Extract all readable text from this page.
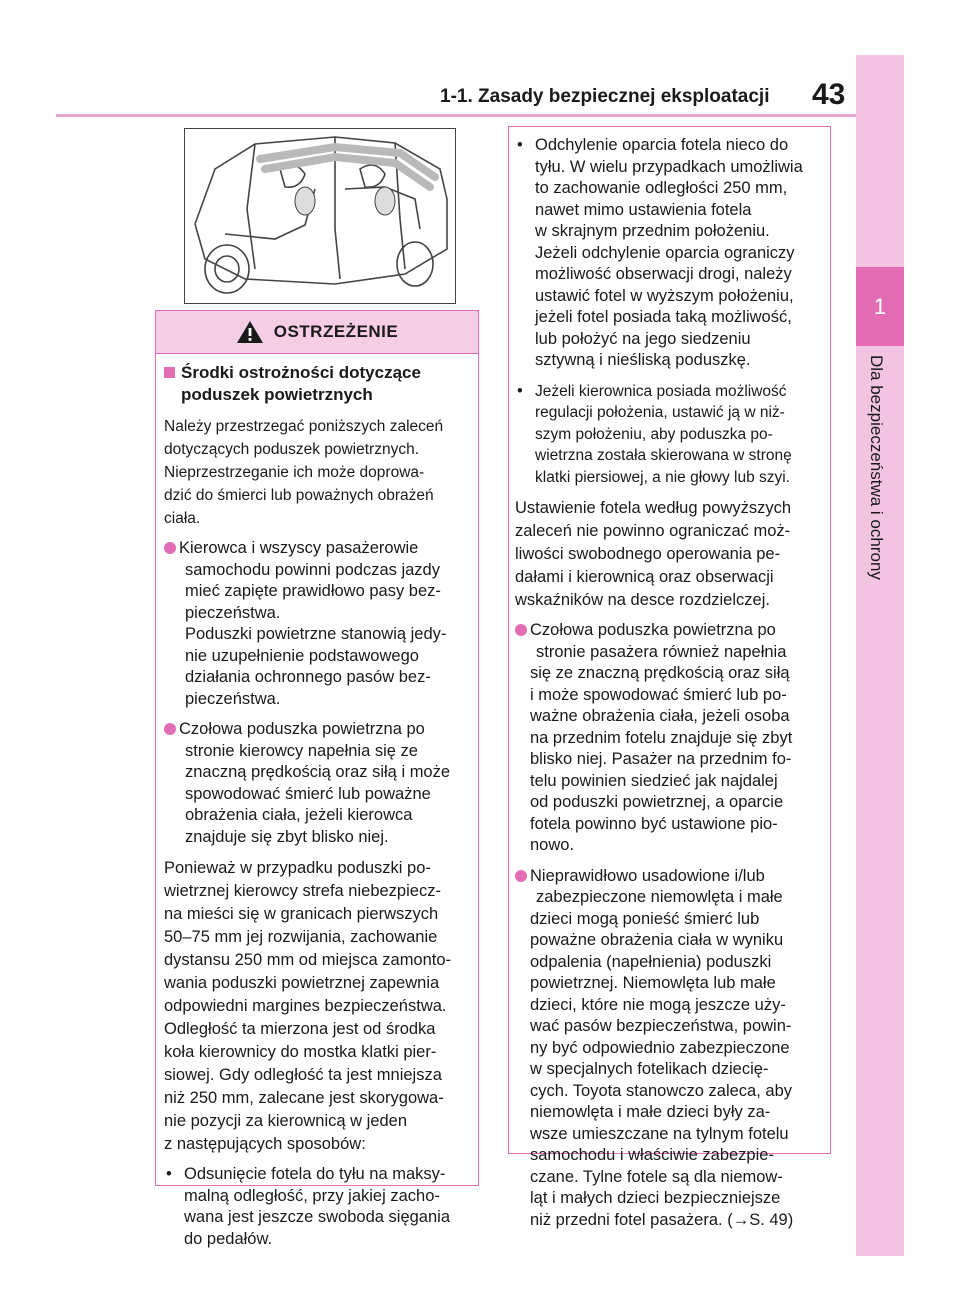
1-1. Zasady bezpiecznej eksploatacji 43
1
Dla bezpieczeństwa i ochrony
OSTRZEŻENIE

Środki ostrożności dotyczące

poduszek powietrznych

Należy przestrzegać poniższych zaleceń

dotyczących poduszek powietrznych.

Nieprzestrzeganie ich może doprowa-

dzić do śmierci lub poważnych obrażeń

ciała.

Kierowca i wszyscy pasażerowie

samochodu powinni podczas jazdy

mieć zapięte prawidłowo pasy bez-

pieczeństwa.

Poduszki powietrzne stanowią jedy-

nie uzupełnienie podstawowego

działania ochronnego pasów bez-

pieczeństwa.

Czołowa poduszka powietrzna po

stronie kierowcy napełnia się ze

znaczną prędkością oraz siłą i może

spowodować śmierć lub poważne

obrażenia ciała, jeżeli kierowca

znajduje się zbyt blisko niej.

Ponieważ w przypadku poduszki po-

wietrznej kierowcy strefa niebezpiecz-

na mieści się w granicach pierwszych

50–75 mm jej rozwijania, zachowanie

dystansu 250 mm od miejsca zamonto-

wania poduszki powietrznej zapewnia

odpowiedni margines bezpieczeństwa.

Odległość ta mierzona jest od środka

koła kierownicy do mostka klatki pier-

siowej. Gdy odległość ta jest mniejsza

niż 250 mm, zalecane jest skorygowa-

nie pozycji za kierownicą w jeden

z następujących sposobów:

• Odsunięcie fotela do tyłu na maksy-

malną odległość, przy jakiej zacho-

wana jest jeszcze swoboda sięgania

do pedałów.

• Odchylenie oparcia fotela nieco do

tyłu. W wielu przypadkach umożliwia

to zachowanie odległości 250 mm,

nawet mimo ustawienia fotela

w skrajnym przednim położeniu.

Jeżeli odchylenie oparcia ograniczy

możliwość obserwacji drogi, należy

ustawić fotel w wyższym położeniu,

jeżeli fotel posiada taką możliwość,

lub położyć na jego siedzeniu

sztywną i nieśliską poduszkę.

• Jeżeli kierownica posiada możliwość

regulacji położenia, ustawić ją w niż-

szym położeniu, aby poduszka po-

wietrzna została skierowana w stronę

klatki piersiowej, a nie głowy lub szyi.

Ustawienie fotela według powyższych

zaleceń nie powinno ograniczać moż-

liwości swobodnego operowania pe-

dałami i kierownicą oraz obserwacji

wskaźników na desce rozdzielczej.

Czołowa poduszka powietrzna po

stronie pasażera również napełnia

się ze znaczną prędkością oraz siłą

i może spowodować śmierć lub po-

ważne obrażenia ciała, jeżeli osoba

na przednim fotelu znajduje się zbyt

blisko niej. Pasażer na przednim fo-

telu powinien siedzieć jak najdalej

od poduszki powietrznej, a oparcie

fotela powinno być ustawione pio-

nowo.

Nieprawidłowo usadowione i/lub

zabezpieczone niemowlęta i małe

dzieci mogą ponieść śmierć lub

poważne obrażenia ciała w wyniku

odpalenia (napełnienia) poduszki

powietrznej. Niemowlęta lub małe

dzieci, które nie mogą jeszcze uży-

wać pasów bezpieczeństwa, powin-

ny być odpowiednio zabezpieczone

w specjalnych fotelikach dziecię-

cych. Toyota stanowczo zaleca, aby

niemowlęta i małe dzieci były za-

wsze umieszczane na tylnym fotelu

samochodu i właściwie zabezpie-

czane. Tylne fotele są dla niemow-

ląt i małych dzieci bezpieczniejsze

niż przedni fotel pasażera. (→S. 49)
